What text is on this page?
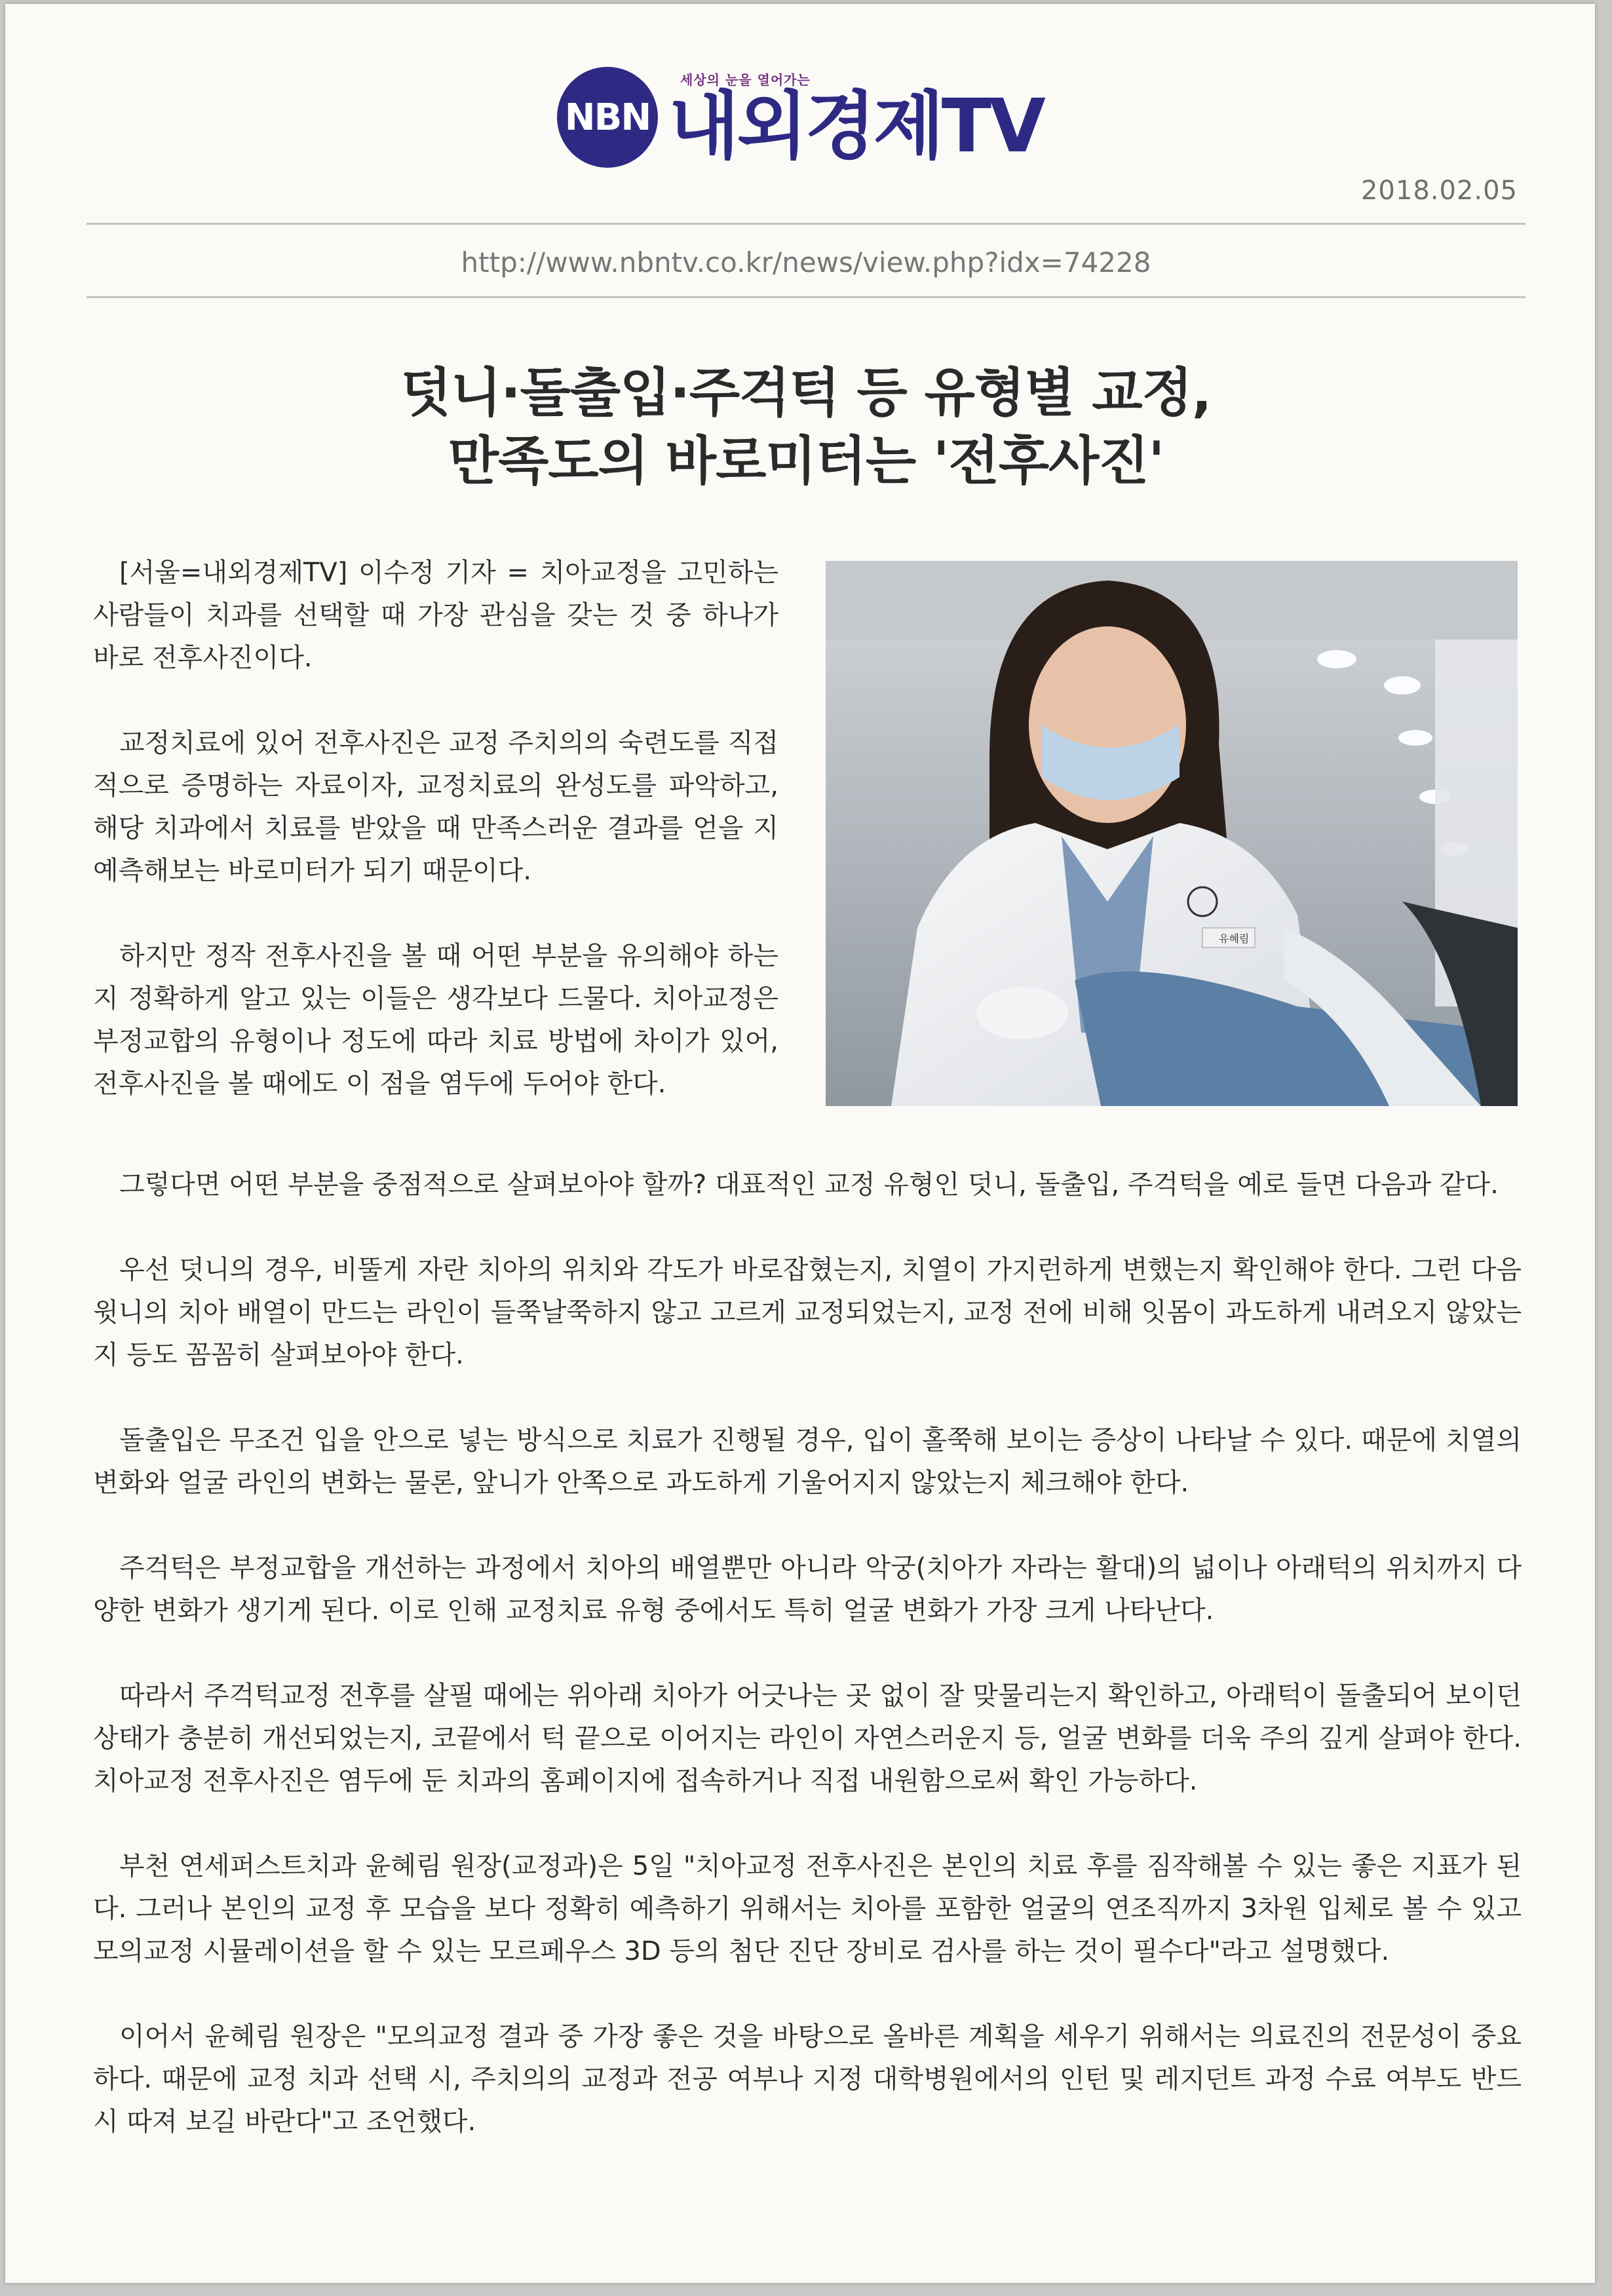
NBN
세상의 눈을 열어가는
내외경제TV
2018.02.05
http://www.nbntv.co.kr/news/view.php?idx=74228
덧니·돌출입·주걱턱 등 유형별 교정,
만족도의 바로미터는 '전후사진'

[서울=내외경제TV] 이수정 기자 = 치아교정을 고민하는 사람들이 치과를 선택할 때 가장 관심을 갖는 것 중 하나가 바로 전후사진이다.

교정치료에 있어 전후사진은 교정 주치의의 숙련도를 직접적으로 증명하는 자료이자, 교정치료의 완성도를 파악하고, 해당 치과에서 치료를 받았을 때 만족스러운 결과를 얻을 지 예측해보는 바로미터가 되기 때문이다.

하지만 정작 전후사진을 볼 때 어떤 부분을 유의해야 하는지 정확하게 알고 있는 이들은 생각보다 드물다. 치아교정은 부정교합의 유형이나 정도에 따라 치료 방법에 차이가 있어, 전후사진을 볼 때에도 이 점을 염두에 두어야 한다.

유혜림

그렇다면 어떤 부분을 중점적으로 살펴보아야 할까? 대표적인 교정 유형인 덧니, 돌출입, 주걱턱을 예로 들면 다음과 같다.

우선 덧니의 경우, 비뚤게 자란 치아의 위치와 각도가 바로잡혔는지, 치열이 가지런하게 변했는지 확인해야 한다. 그런 다음 윗니의 치아 배열이 만드는 라인이 들쭉날쭉하지 않고 고르게 교정되었는지, 교정 전에 비해 잇몸이 과도하게 내려오지 않았는지 등도 꼼꼼히 살펴보아야 한다.

돌출입은 무조건 입을 안으로 넣는 방식으로 치료가 진행될 경우, 입이 홀쭉해 보이는 증상이 나타날 수 있다. 때문에 치열의 변화와 얼굴 라인의 변화는 물론, 앞니가 안쪽으로 과도하게 기울어지지 않았는지 체크해야 한다.

주걱턱은 부정교합을 개선하는 과정에서 치아의 배열뿐만 아니라 악궁(치아가 자라는 활대)의 넓이나 아래턱의 위치까지 다양한 변화가 생기게 된다. 이로 인해 교정치료 유형 중에서도 특히 얼굴 변화가 가장 크게 나타난다.

따라서 주걱턱교정 전후를 살필 때에는 위아래 치아가 어긋나는 곳 없이 잘 맞물리는지 확인하고, 아래턱이 돌출되어 보이던 상태가 충분히 개선되었는지, 코끝에서 턱 끝으로 이어지는 라인이 자연스러운지 등, 얼굴 변화를 더욱 주의 깊게 살펴야 한다. 치아교정 전후사진은 염두에 둔 치과의 홈페이지에 접속하거나 직접 내원함으로써 확인 가능하다.

부천 연세퍼스트치과 윤혜림 원장(교정과)은 5일 "치아교정 전후사진은 본인의 치료 후를 짐작해볼 수 있는 좋은 지표가 된다. 그러나 본인의 교정 후 모습을 보다 정확히 예측하기 위해서는 치아를 포함한 얼굴의 연조직까지 3차원 입체로 볼 수 있고 모의교정 시뮬레이션을 할 수 있는 모르페우스 3D 등의 첨단 진단 장비로 검사를 하는 것이 필수다"라고 설명했다.

이어서 윤혜림 원장은 "모의교정 결과 중 가장 좋은 것을 바탕으로 올바른 계획을 세우기 위해서는 의료진의 전문성이 중요하다. 때문에 교정 치과 선택 시, 주치의의 교정과 전공 여부나 지정 대학병원에서의 인턴 및 레지던트 과정 수료 여부도 반드시 따져 보길 바란다"고 조언했다.
